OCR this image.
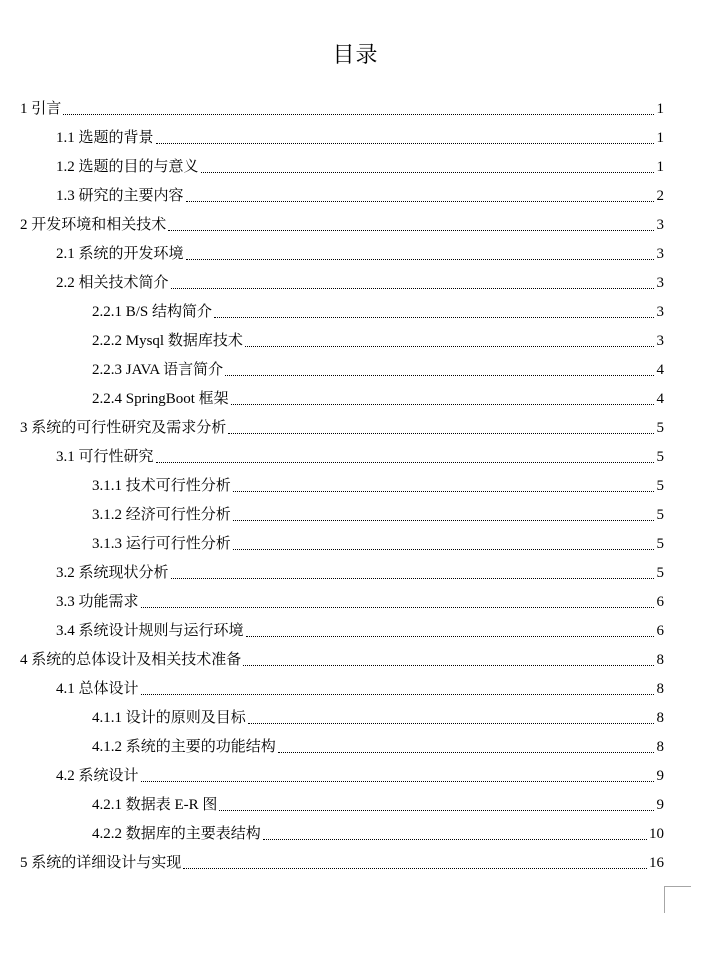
目录
1 引言	1
1.1 选题的背景	1
1.2 选题的目的与意义	1
1.3 研究的主要内容	2
2 开发环境和相关技术	3
2.1 系统的开发环境	3
2.2 相关技术简介	3
2.2.1 B/S 结构简介	3
2.2.2 Mysql 数据库技术	3
2.2.3 JAVA 语言简介	4
2.2.4 SpringBoot 框架	4
3 系统的可行性研究及需求分析	5
3.1 可行性研究	5
3.1.1 技术可行性分析	5
3.1.2 经济可行性分析	5
3.1.3 运行可行性分析	5
3.2 系统现状分析	5
3.3 功能需求	6
3.4 系统设计规则与运行环境	6
4 系统的总体设计及相关技术准备	8
4.1 总体设计	8
4.1.1 设计的原则及目标	8
4.1.2 系统的主要的功能结构	8
4.2 系统设计	9
4.2.1 数据表 E-R 图	9
4.2.2 数据库的主要表结构	10
5 系统的详细设计与实现	16
